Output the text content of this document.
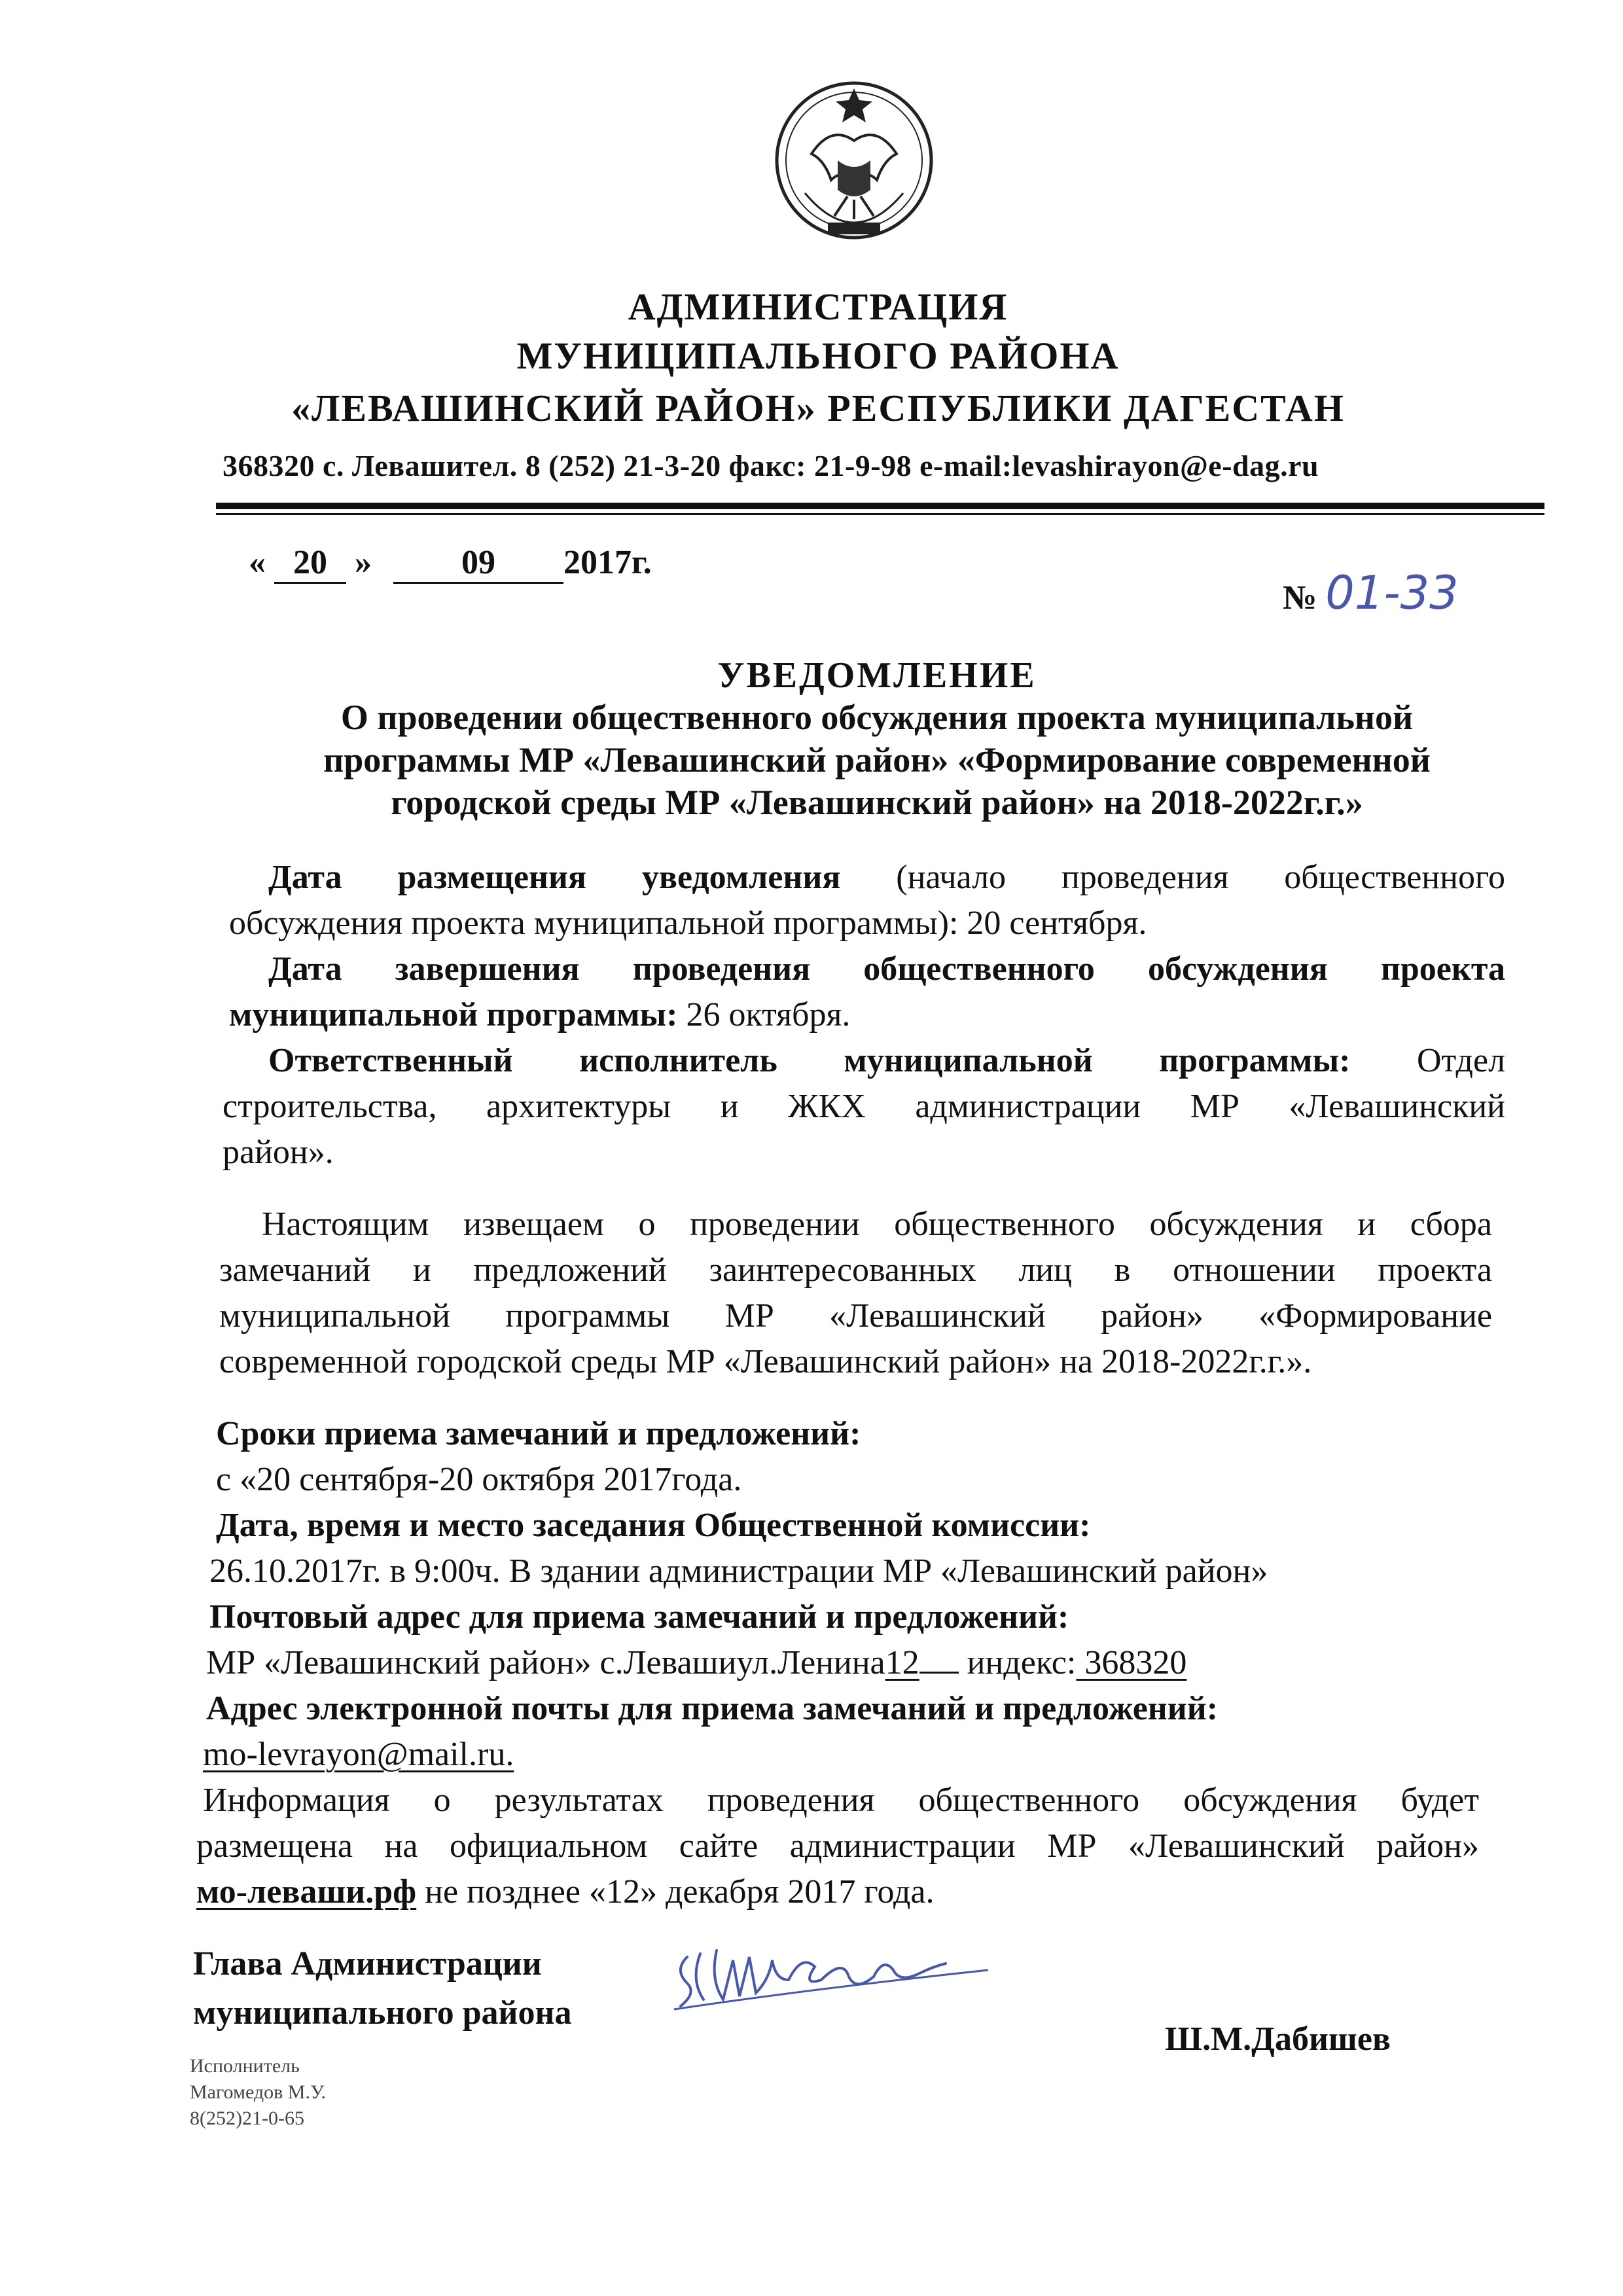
АДМИНИСТРАЦИЯ
МУНИЦИПАЛЬНОГО РАЙОНА
«ЛЕВАШИНСКИЙ РАЙОН» РЕСПУБЛИКИ ДАГЕСТАН
368320 с. Левашител. 8 (252) 21-3-20 факс: 21-9-98 e-mail:levashirayon@e-dag.ru
« 20 »	09 2017г.
№ 01-33
УВЕДОМЛЕНИЕ
О проведении общественного обсуждения проекта муниципальной
программы МР «Левашинский район» «Формирование современной
городской среды МР «Левашинский район» на 2018-2022г.г.»
Дата размещения уведомления (начало проведения общественного
обсуждения проекта муниципальной программы): 20 сентября.
Дата завершения проведения общественного обсуждения проекта
муниципальной программы: 26 октября.
Ответственный исполнитель муниципальной программы: Отдел
строительства, архитектуры и ЖКХ администрации МР «Левашинский
район».
Настоящим извещаем о проведении общественного обсуждения и сбора
замечаний и предложений заинтересованных лиц в отношении проекта
муниципальной программы МР «Левашинский район» «Формирование
современной городской среды МР «Левашинский район» на 2018-2022г.г.».
Сроки приема замечаний и предложений:
с «20 сентября-20 октября 2017года.
Дата, время и место заседания Общественной комиссии:
26.10.2017г. в 9:00ч. В здании администрации МР «Левашинский район»
Почтовый адрес для приема замечаний и предложений:
МР «Левашинский район» с.Левашиул.Ленина12 индекс: 368320
Адрес электронной почты для приема замечаний и предложений:
mo-levrayon@mail.ru.
Информация о результатах проведения общественного обсуждения будет
размещена на официальном сайте администрации МР «Левашинский район»
мо-леваши.рф не позднее «12» декабря 2017 года.
Глава Администрации
муниципального района
Ш.М.Дабишев
Исполнитель
Магомедов М.У.
8(252)21-0-65
